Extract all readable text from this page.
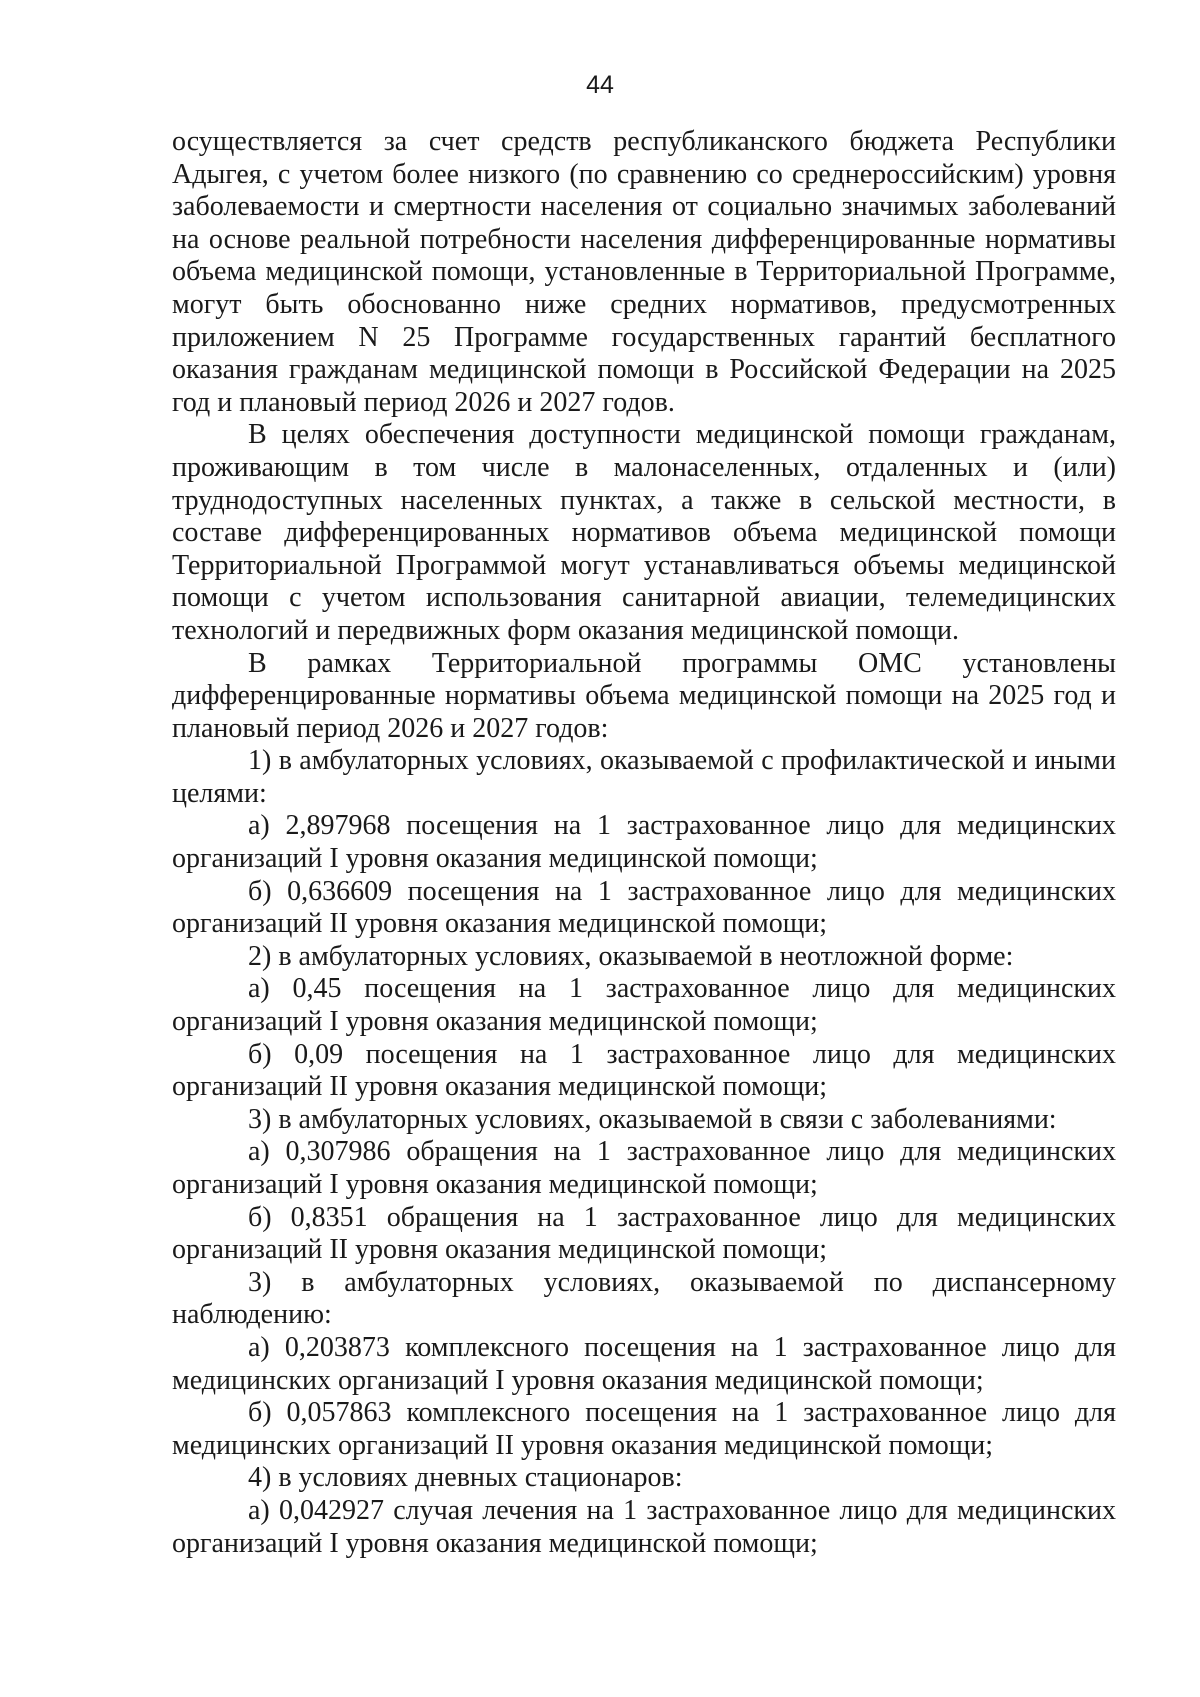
44

осуществляется за счет средств республиканского бюджета Республики Адыгея, с учетом более низкого (по сравнению со среднероссийским) уровня заболеваемости и смертности населения от социально значимых заболеваний на основе реальной потребности населения дифференцированные нормативы объема медицинской помощи, установленные в Территориальной Программе, могут быть обоснованно ниже средних нормативов, предусмотренных приложением N 25 Программе государственных гарантий бесплатного оказания гражданам медицинской помощи в Российской Федерации на 2025 год и плановый период 2026 и 2027 годов.

В целях обеспечения доступности медицинской помощи гражданам, проживающим в том числе в малонаселенных, отдаленных и (или) труднодоступных населенных пунктах, а также в сельской местности, в составе дифференцированных нормативов объема медицинской помощи Территориальной Программой могут устанавливаться объемы медицинской помощи с учетом использования санитарной авиации, телемедицинских технологий и передвижных форм оказания медицинской помощи.

В рамках Территориальной программы ОМС установлены дифференцированные нормативы объема медицинской помощи на 2025 год и плановый период 2026 и 2027 годов:

1) в амбулаторных условиях, оказываемой с профилактической и иными целями:

а) 2,897968 посещения на 1 застрахованное лицо для медицинских организаций I уровня оказания медицинской помощи;

б) 0,636609 посещения на 1 застрахованное лицо для медицинских организаций II уровня оказания медицинской помощи;

2) в амбулаторных условиях, оказываемой в неотложной форме:

а) 0,45 посещения на 1 застрахованное лицо для медицинских организаций I уровня оказания медицинской помощи;

б) 0,09 посещения на 1 застрахованное лицо для медицинских организаций II уровня оказания медицинской помощи;

3) в амбулаторных условиях, оказываемой в связи с заболеваниями:

а) 0,307986 обращения на 1 застрахованное лицо для медицинских организаций I уровня оказания медицинской помощи;

б) 0,8351 обращения на 1 застрахованное лицо для медицинских организаций II уровня оказания медицинской помощи;

3) в амбулаторных условиях, оказываемой по диспансерному наблюдению:

а) 0,203873 комплексного посещения на 1 застрахованное лицо для медицинских организаций I уровня оказания медицинской помощи;

б) 0,057863 комплексного посещения на 1 застрахованное лицо для медицинских организаций II уровня оказания медицинской помощи;

4) в условиях дневных стационаров:

а) 0,042927 случая лечения на 1 застрахованное лицо для медицинских организаций I уровня оказания медицинской помощи;
